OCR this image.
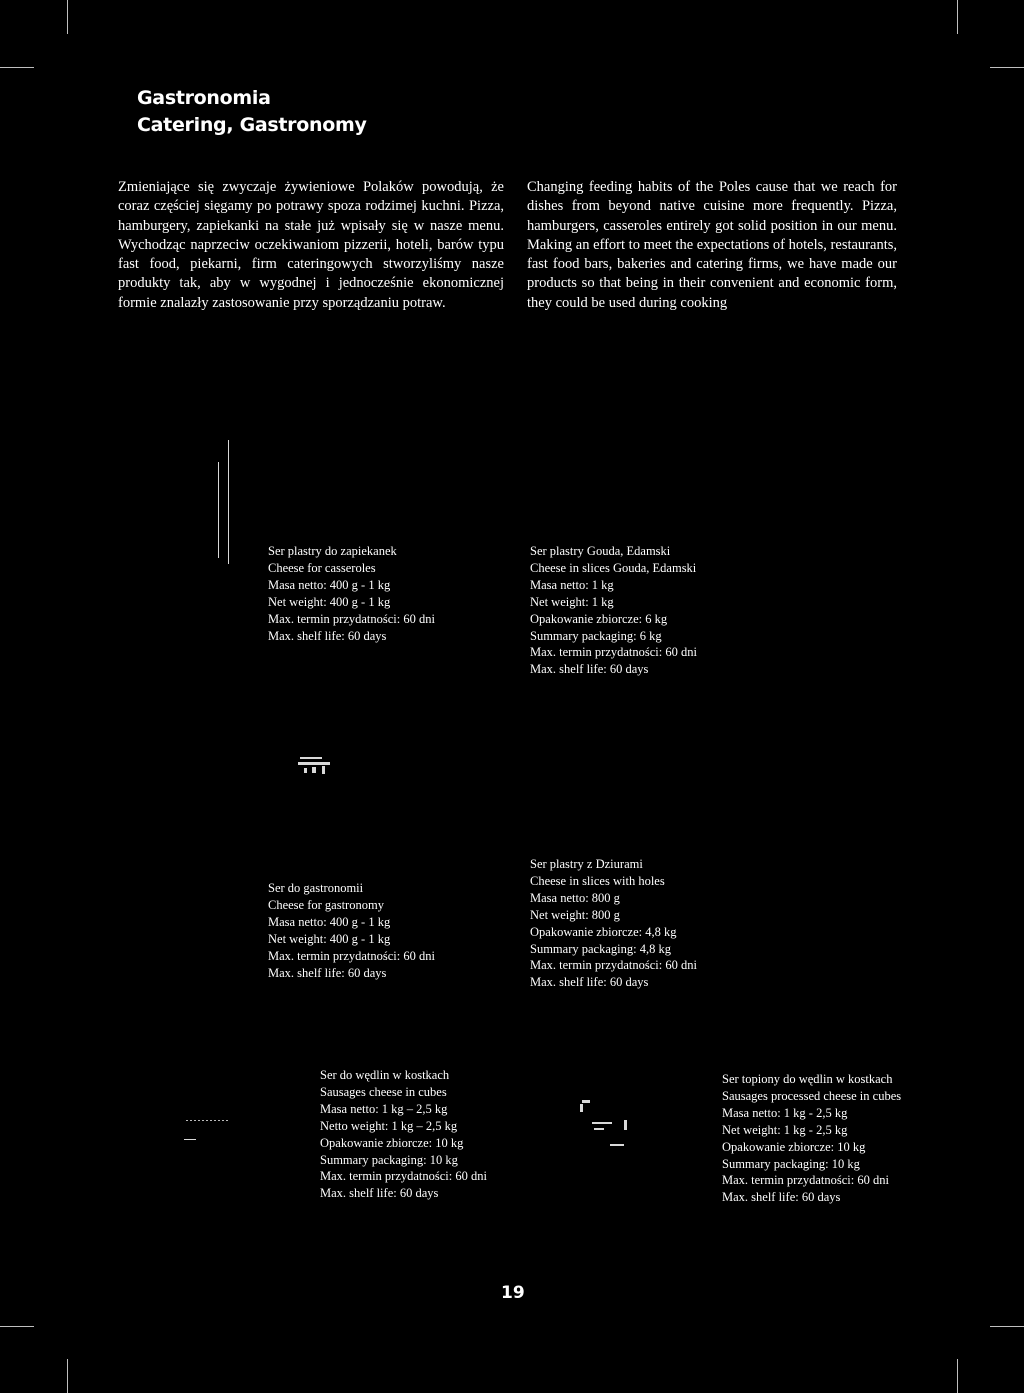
Gastronomia
Catering, Gastronomy

Zmieniające się zwyczaje żywieniowe Polaków powodują, że coraz częściej sięgamy po potrawy spoza rodzimej kuchni. Pizza, hamburgery, zapiekanki na stałe już wpisały się w nasze menu. Wychodząc naprzeciw oczekiwaniom pizzerii, hoteli, barów typu fast food, piekarni, firm cateringowych stworzyliśmy nasze produkty tak, aby w wygodnej i jednocześnie ekonomicznej formie znalazły zastosowanie przy sporządzaniu potraw.

Changing feeding habits of the Poles cause that we reach for dishes from beyond native cuisine more frequently. Pizza, hamburgers, casseroles entirely got solid position in our menu. Making an effort to meet the expectations of hotels, restaurants, fast food bars, bakeries and catering firms, we have made our products so that being in their convenient and economic form, they could be used during cooking

Ser plastry do zapiekanek
Cheese for casseroles
Masa netto: 400 g - 1 kg
Net weight: 400 g - 1 kg
Max. termin przydatności: 60 dni
Max. shelf life: 60 days
Ser plastry Gouda, Edamski
Cheese in slices Gouda, Edamski
Masa netto: 1 kg
Net weight: 1 kg
Opakowanie zbiorcze: 6 kg
Summary packaging: 6 kg
Max. termin przydatności: 60 dni
Max. shelf life: 60 days
Ser do gastronomii
Cheese for gastronomy
Masa netto: 400 g - 1 kg
Net weight: 400 g - 1 kg
Max. termin przydatności: 60 dni
Max. shelf life: 60 days
Ser plastry z Dziurami
Cheese in slices with holes
Masa netto: 800 g
Net weight: 800 g
Opakowanie zbiorcze: 4,8 kg
Summary packaging: 4,8 kg
Max. termin przydatności: 60 dni
Max. shelf life: 60 days
Ser do wędlin w kostkach
Sausages cheese in cubes
Masa netto: 1 kg – 2,5 kg
Netto weight: 1 kg – 2,5 kg
Opakowanie zbiorcze: 10 kg
Summary packaging: 10 kg
Max. termin przydatności: 60 dni
Max. shelf life: 60 days
Ser topiony do wędlin w kostkach
Sausages processed cheese in cubes
Masa netto: 1 kg - 2,5 kg
Net weight: 1 kg - 2,5 kg
Opakowanie zbiorcze: 10 kg
Summary packaging: 10 kg
Max. termin przydatności: 60 dni
Max. shelf life: 60 days
19
